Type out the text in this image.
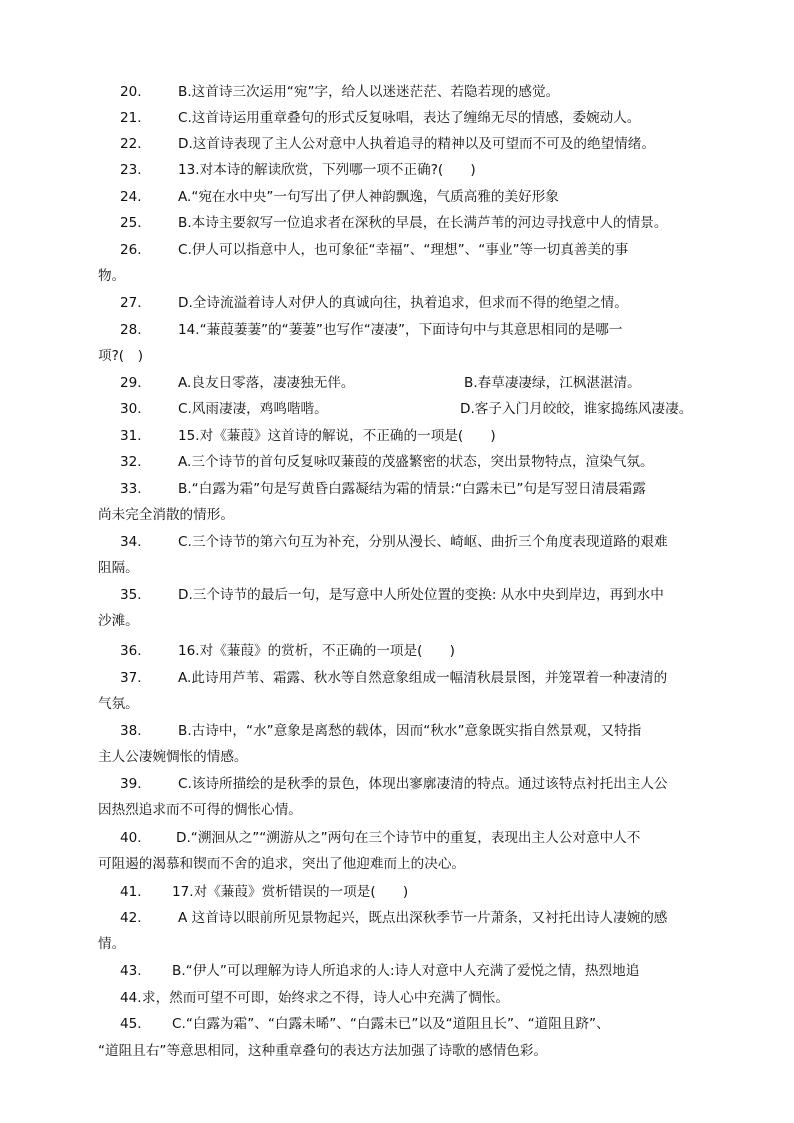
20.	B.这首诗三次运用“宛”字，给人以迷迷茫茫、若隐若现的感觉。
21.	C.这首诗运用重章叠句的形式反复咏唱，表达了缠绵无尽的情感，委婉动人。
22.	D.这首诗表现了主人公对意中人执着追寻的精神以及可望而不可及的绝望情绪。
23.	13.对本诗的解读欣赏，下列哪一项不正确?(　　)
24.	A.“宛在水中央”一句写出了伊人神韵飘逸，气质高雅的美好形象
25.	B.本诗主要叙写一位追求者在深秋的早晨，在长满芦苇的河边寻找意中人的情景。
26.	C.伊人可以指意中人，也可象征“幸福”、“理想”、“事业”等一切真善美的事
物。
27.	D.全诗流溢着诗人对伊人的真诚向往，执着追求，但求而不得的绝望之情。
28.	14.“蒹葭萋萋”的“萋萋”也写作“凄凄”，下面诗句中与其意思相同的是哪一
项?(　)
29.	A.良友日零落，凄凄独无伴。	B.春草凄凄绿，江枫湛湛清。
30.	C.风雨凄凄，鸡鸣喈喈。	D.客子入门月皎皎，谁家捣练风凄凄。
31.	15.对《蒹葭》这首诗的解说，不正确的一项是(　　)
32.	A.三个诗节的首句反复咏叹蒹葭的茂盛繁密的状态，突出景物特点，渲染气氛。
33.	B.“白露为霜”句是写黄昏白露凝结为霜的情景:“白露未已”句是写翌日清晨霜露
尚未完全消散的情形。
34.	C.三个诗节的第六句互为补充，分别从漫长、崎岖、曲折三个角度表现道路的艰难
阻隔。
35.	D.三个诗节的最后一句，是写意中人所处位置的变换: 从水中央到岸边，再到水中
沙滩。
36.	16.对《蒹葭》的赏析，不正确的一项是(　　)
37.	A.此诗用芦苇、霜露、秋水等自然意象组成一幅清秋晨景图，并笼罩着一种凄清的
气氛。
38.	B.古诗中，“水”意象是离愁的载体，因而“秋水”意象既实指自然景观，又特指
主人公凄婉惆怅的情感。
39.	C.该诗所描绘的是秋季的景色，体现出寥廓凄清的特点。通过该特点衬托出主人公
因热烈追求而不可得的惆怅心情。
40.	D.“溯洄从之”“溯游从之”两句在三个诗节中的重复，表现出主人公对意中人不
可阻遏的渴慕和锲而不舍的追求，突出了他迎难而上的决心。
41. 17.对《蒹葭》赏析错误的一项是(　　)
42.	A 这首诗以眼前所见景物起兴，既点出深秋季节一片萧条，又衬托出诗人凄婉的感
情。
43. B.“伊人”可以理解为诗人所追求的人:诗人对意中人充满了爱悦之情，热烈地追
44. 求，然而可望不可即，始终求之不得，诗人心中充满了惆怅。
45. C.“白露为霜”、“白露未晞”、“白露未已”以及“道阻且长”、“道阻且跻”、
“道阻且右”等意思相同，这种重章叠句的表达方法加强了诗歌的感情色彩。
